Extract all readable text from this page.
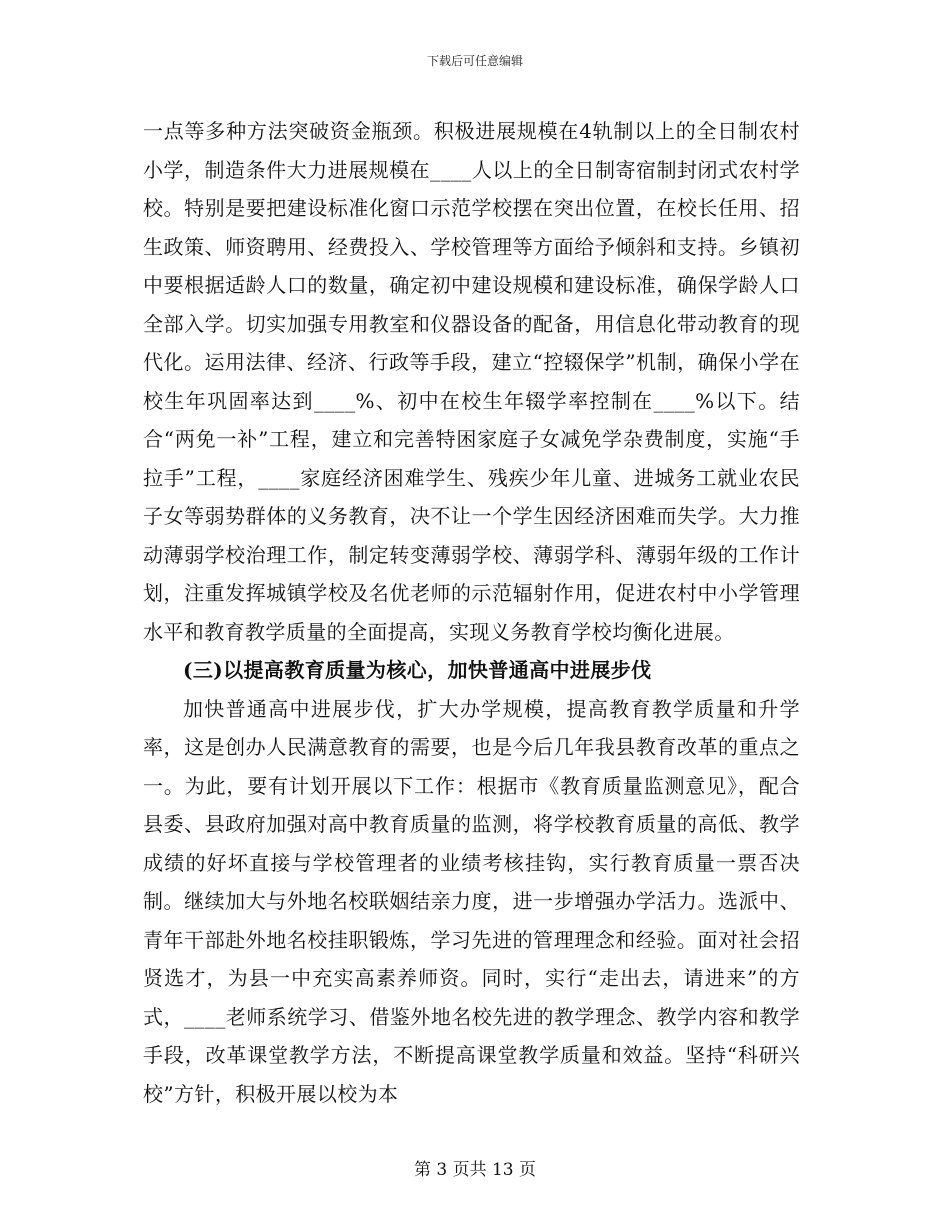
下载后可任意编辑

一点等多种方法突破资金瓶颈。积极进展规模在4轨制以上的全日制农村小学，制造条件大力进展规模在____人以上的全日制寄宿制封闭式农村学校。特别是要把建设标准化窗口示范学校摆在突出位置，在校长任用、招生政策、师资聘用、经费投入、学校管理等方面给予倾斜和支持。乡镇初中要根据适龄人口的数量，确定初中建设规模和建设标准，确保学龄人口全部入学。切实加强专用教室和仪器设备的配备，用信息化带动教育的现代化。运用法律、经济、行政等手段，建立“控辍保学”机制，确保小学在校生年巩固率达到____%、初中在校生年辍学率控制在____%以下。结合“两免一补”工程，建立和完善特困家庭子女减免学杂费制度，实施“手拉手”工程，____家庭经济困难学生、残疾少年儿童、进城务工就业农民子女等弱势群体的义务教育，决不让一个学生因经济困难而失学。大力推动薄弱学校治理工作，制定转变薄弱学校、薄弱学科、薄弱年级的工作计划，注重发挥城镇学校及名优老师的示范辐射作用，促进农村中小学管理水平和教育教学质量的全面提高，实现义务教育学校均衡化进展。

(三)以提高教育质量为核心，加快普通高中进展步伐

加快普通高中进展步伐，扩大办学规模，提高教育教学质量和升学率，这是创办人民满意教育的需要，也是今后几年我县教育改革的重点之一。为此，要有计划开展以下工作：根据市《教育质量监测意见》，配合县委、县政府加强对高中教育质量的监测，将学校教育质量的高低、教学成绩的好坏直接与学校管理者的业绩考核挂钩，实行教育质量一票否决制。继续加大与外地名校联姻结亲力度，进一步增强办学活力。选派中、青年干部赴外地名校挂职锻炼，学习先进的管理理念和经验。面对社会招贤选才，为县一中充实高素养师资。同时，实行“走出去，请进来”的方式，____老师系统学习、借鉴外地名校先进的教学理念、教学内容和教学手段，改革课堂教学方法，不断提高课堂教学质量和效益。坚持“科研兴校”方针，积极开展以校为本

第 3 页共 13 页
